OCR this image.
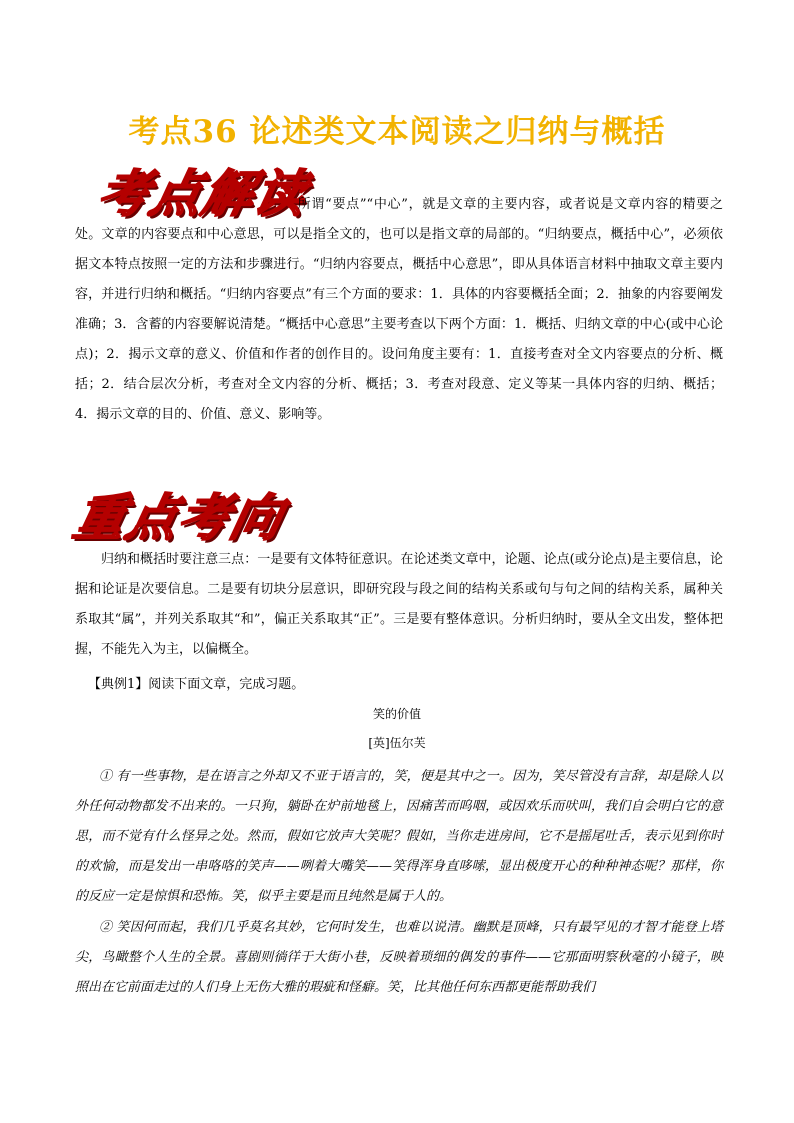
考点36 论述类文本阅读之归纳与概括
考点解读
所谓“要点”“中心”，就是文章的主要内容，或者说是文章内容的精要之处。文章的内容要点和中心意思，可以是指全文的，也可以是指文章的局部的。“归纳要点，概括中心”，必须依据文本特点按照一定的方法和步骤进行。“归纳内容要点，概括中心意思”，即从具体语言材料中抽取文章主要内容，并进行归纳和概括。“归纳内容要点”有三个方面的要求：1．具体的内容要概括全面；2．抽象的内容要阐发准确；3．含蓄的内容要解说清楚。“概括中心意思”主要考查以下两个方面：1．概括、归纳文章的中心(或中心论点)；2．揭示文章的意义、价值和作者的创作目的。设问角度主要有：1．直接考查对全文内容要点的分析、概括；2．结合层次分析，考查对全文内容的分析、概括；3．考查对段意、定义等某一具体内容的归纳、概括；4．揭示文章的目的、价值、意义、影响等。
重点考向
归纳和概括时要注意三点：一是要有文体特征意识。在论述类文章中，论题、论点(或分论点)是主要信息，论据和论证是次要信息。二是要有切块分层意识，即研究段与段之间的结构关系或句与句之间的结构关系，属种关系取其“属”，并列关系取其“和”，偏正关系取其“正”。三是要有整体意识。分析归纳时，要从全文出发，整体把握，不能先入为主，以偏概全。
【典例1】阅读下面文章，完成习题。
笑的价值
[英]伍尔芙
① 有一些事物，是在语言之外却又不亚于语言的，笑，便是其中之一。因为，笑尽管没有言辞，却是除人以外任何动物都发不出来的。一只狗，躺卧在炉前地毯上，因痛苦而呜咽，或因欢乐而吠叫，我们自会明白它的意思，而不觉有什么怪异之处。然而，假如它放声大笑呢？假如，当你走进房间，它不是摇尾吐舌，表示见到你时的欢愉，而是发出一串咯咯的笑声——咧着大嘴笑——笑得浑身直哆嗦，显出极度开心的种种神态呢？那样，你的反应一定是惊惧和恐怖。笑，似乎主要是而且纯然是属于人的。
② 笑因何而起，我们几乎莫名其妙，它何时发生，也难以说清。幽默是顶峰，只有最罕见的才智才能登上塔尖，鸟瞰整个人生的全景。喜剧则徜徉于大街小巷，反映着琐细的偶发的事件——它那面明察秋毫的小镜子，映照出在它前面走过的人们身上无伤大雅的瑕疵和怪癖。笑，比其他任何东西都更能帮助我们
